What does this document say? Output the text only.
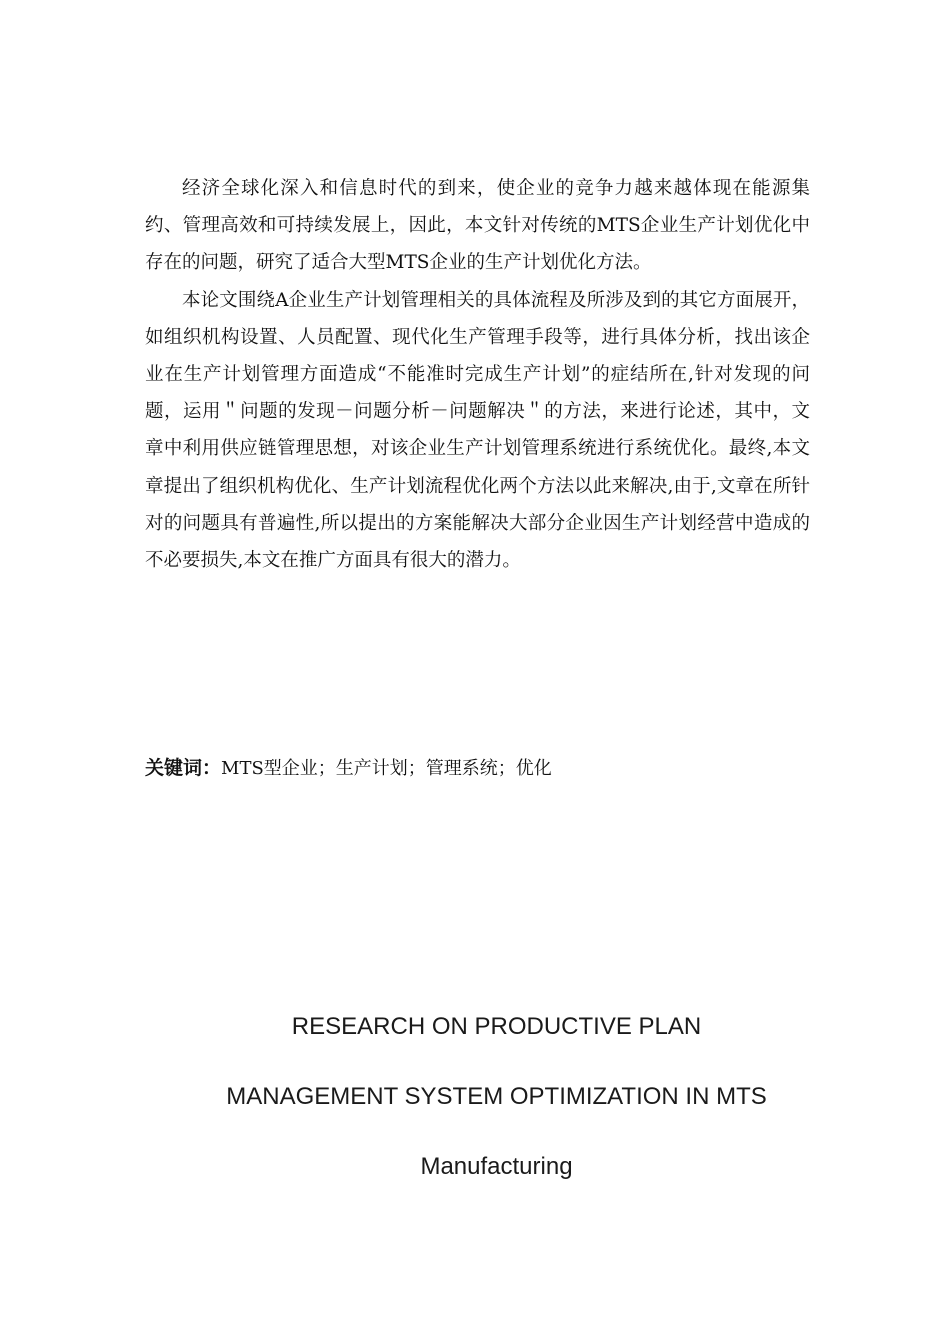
经济全球化深入和信息时代的到来，使企业的竞争力越来越体现在能源集约、管理高效和可持续发展上，因此，本文针对传统的MTS企业生产计划优化中存在的问题，研究了适合大型MTS企业的生产计划优化方法。

本论文围绕A企业生产计划管理相关的具体流程及所涉及到的其它方面展开，如组织机构设置、人员配置、现代化生产管理手段等，进行具体分析，找出该企业在生产计划管理方面造成“不能准时完成生产计划”的症结所在,针对发现的问题，运用＂问题的发现－问题分析－问题解决＂的方法，来进行论述，其中，文章中利用供应链管理思想，对该企业生产计划管理系统进行系统优化。最终,本文章提出了组织机构优化、生产计划流程优化两个方法以此来解决,由于,文章在所针对的问题具有普遍性,所以提出的方案能解决大部分企业因生产计划经营中造成的不必要损失,本文在推广方面具有很大的潜力。

关键词：MTS型企业；生产计划；管理系统；优化
RESEARCH ON PRODUCTIVE PLAN
MANAGEMENT SYSTEM OPTIMIZATION IN MTS
Manufacturing
